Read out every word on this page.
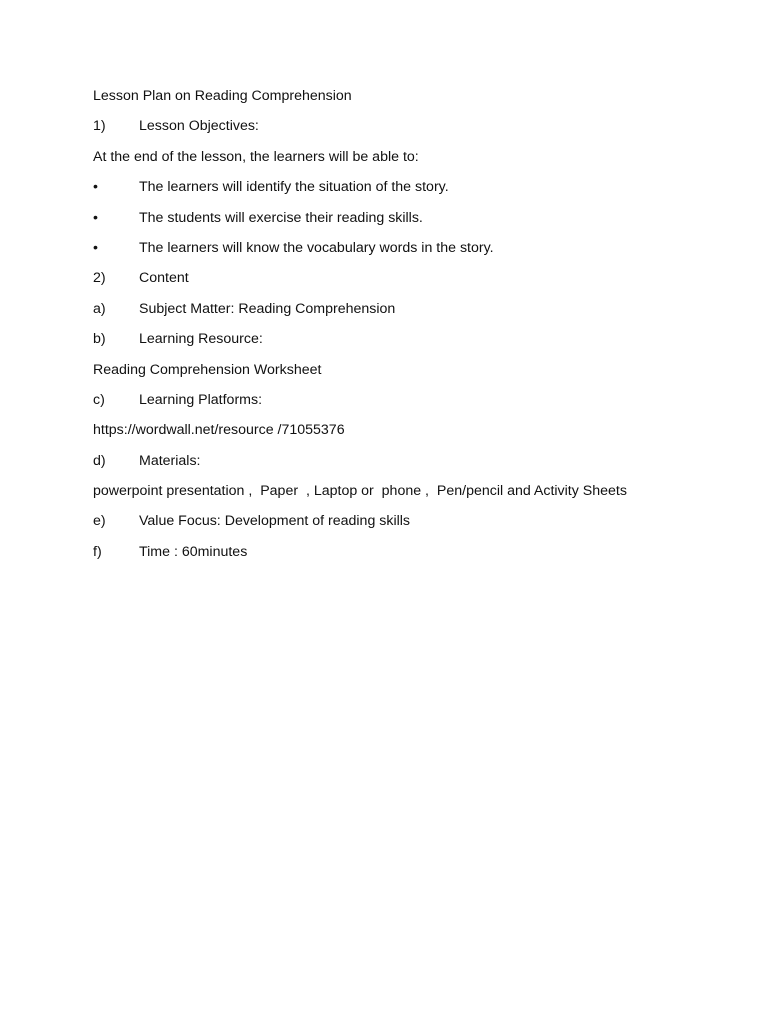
Lesson Plan on Reading Comprehension
1)	Lesson Objectives:
At the end of the lesson, the learners will be able to:
•	The learners will identify the situation of the story.
•	The students will exercise their reading skills.
•	The learners will know the vocabulary words in the story.
2)	Content
a)	Subject Matter: Reading Comprehension
b)	Learning Resource:
Reading Comprehension Worksheet
c)	Learning Platforms:
https://wordwall.net/resource /71055376
d)	Materials:
powerpoint presentation ,  Paper  , Laptop or  phone ,  Pen/pencil and Activity Sheets
e)	Value Focus: Development of reading skills
f)	Time : 60minutes
